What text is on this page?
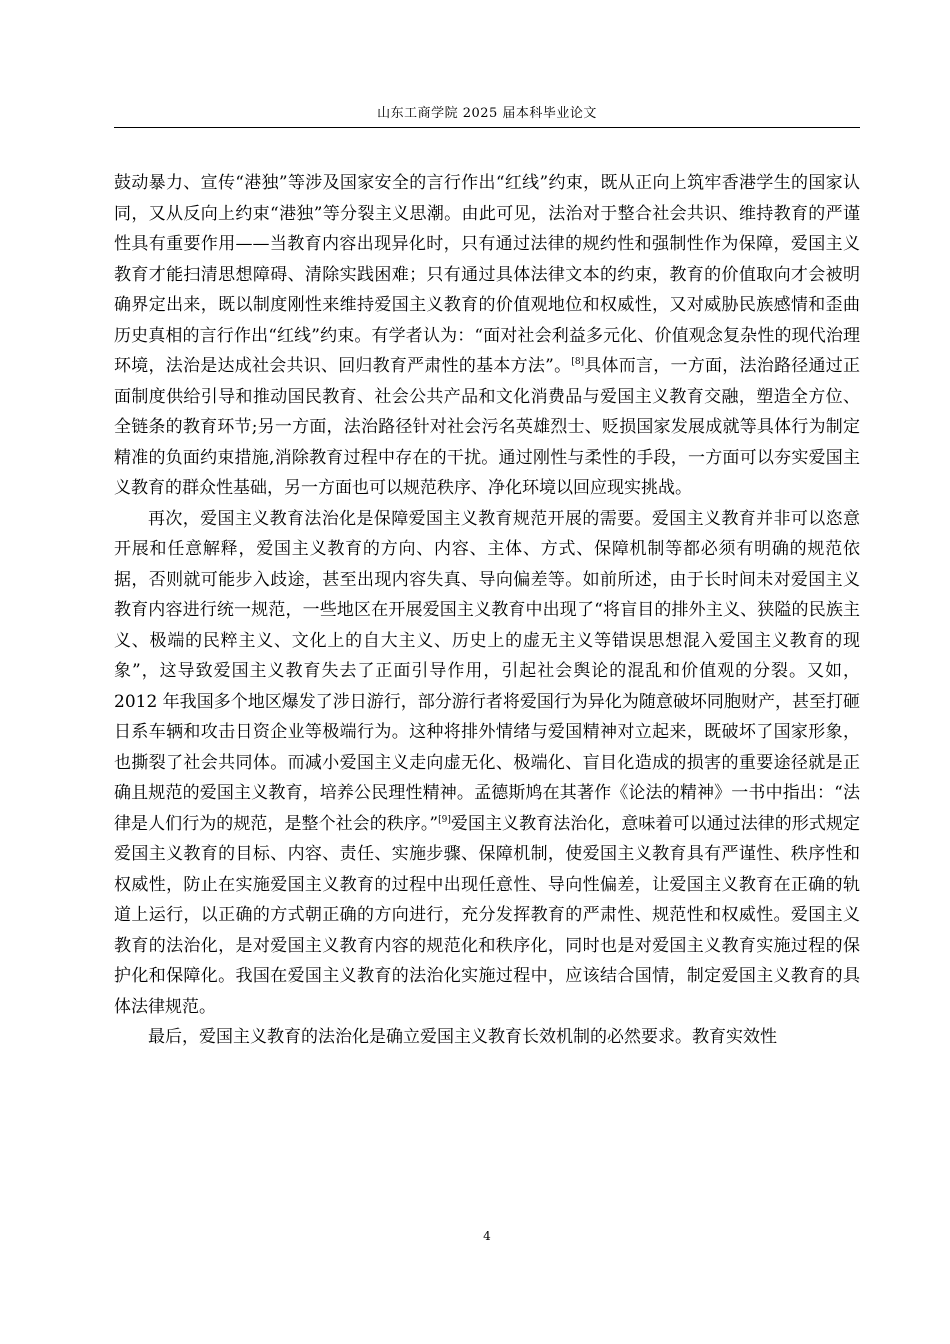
山东工商学院 2025 届本科毕业论文

鼓动暴力、宣传“港独”等涉及国家安全的言行作出“红线”约束，既从正向上筑牢香港学生的国家认同，又从反向上约束“港独”等分裂主义思潮。由此可见，法治对于整合社会共识、维持教育的严谨性具有重要作用——当教育内容出现异化时，只有通过法律的规约性和强制性作为保障，爱国主义教育才能扫清思想障碍、清除实践困难；只有通过具体法律文本的约束，教育的价值取向才会被明确界定出来，既以制度刚性来维持爱国主义教育的价值观地位和权威性，又对威胁民族感情和歪曲历史真相的言行作出“红线”约束。有学者认为：“面对社会利益多元化、价值观念复杂性的现代治理环境，法治是达成社会共识、回归教育严肃性的基本方法”。[8]具体而言，一方面，法治路径通过正面制度供给引导和推动国民教育、社会公共产品和文化消费品与爱国主义教育交融，塑造全方位、全链条的教育环节;另一方面，法治路径针对社会污名英雄烈士、贬损国家发展成就等具体行为制定精准的负面约束措施,消除教育过程中存在的干扰。通过刚性与柔性的手段，一方面可以夯实爱国主义教育的群众性基础，另一方面也可以规范秩序、净化环境以回应现实挑战。

再次，爱国主义教育法治化是保障爱国主义教育规范开展的需要。爱国主义教育并非可以恣意开展和任意解释，爱国主义教育的方向、内容、主体、方式、保障机制等都必须有明确的规范依据，否则就可能步入歧途，甚至出现内容失真、导向偏差等。如前所述，由于长时间未对爱国主义教育内容进行统一规范，一些地区在开展爱国主义教育中出现了“将盲目的排外主义、狭隘的民族主义、极端的民粹主义、文化上的自大主义、历史上的虚无主义等错误思想混入爱国主义教育的现象”，这导致爱国主义教育失去了正面引导作用，引起社会舆论的混乱和价值观的分裂。又如，2012 年我国多个地区爆发了涉日游行，部分游行者将爱国行为异化为随意破坏同胞财产，甚至打砸日系车辆和攻击日资企业等极端行为。这种将排外情绪与爱国精神对立起来，既破坏了国家形象，也撕裂了社会共同体。而减小爱国主义走向虚无化、极端化、盲目化造成的损害的重要途径就是正确且规范的爱国主义教育，培养公民理性精神。孟德斯鸠在其著作《论法的精神》一书中指出：“法律是人们行为的规范，是整个社会的秩序。”[9]爱国主义教育法治化，意味着可以通过法律的形式规定爱国主义教育的目标、内容、责任、实施步骤、保障机制，使爱国主义教育具有严谨性、秩序性和权威性，防止在实施爱国主义教育的过程中出现任意性、导向性偏差，让爱国主义教育在正确的轨道上运行，以正确的方式朝正确的方向进行，充分发挥教育的严肃性、规范性和权威性。爱国主义教育的法治化，是对爱国主义教育内容的规范化和秩序化，同时也是对爱国主义教育实施过程的保护化和保障化。我国在爱国主义教育的法治化实施过程中，应该结合国情，制定爱国主义教育的具体法律规范。

最后，爱国主义教育的法治化是确立爱国主义教育长效机制的必然要求。教育实效性

4
